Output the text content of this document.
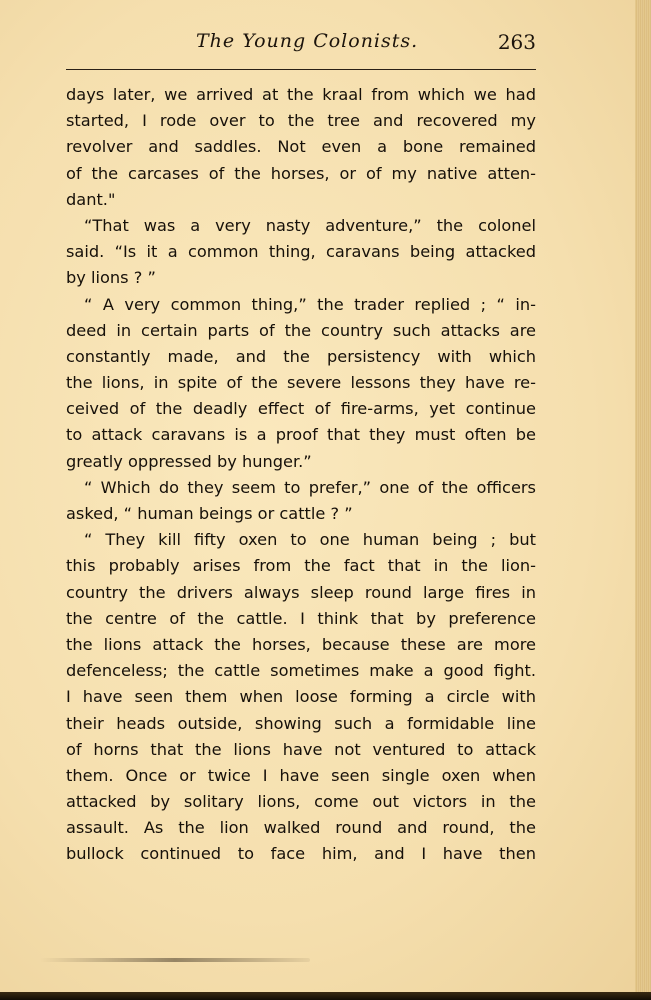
The Young Colonists.	263
days later, we arrived at the kraal from which we had
started, I rode over to the tree and recovered my
revolver and saddles. Not even a bone remained
of the carcases of the horses, or of my native atten-
dant."
“That was a very nasty adventure,” the colonel
said. “Is it a common thing, caravans being attacked
by lions ? ”
“ A very common thing,” the trader replied ; “ in-
deed in certain parts of the country such attacks are
constantly made, and the persistency with which
the lions, in spite of the severe lessons they have re-
ceived of the deadly effect of fire-arms, yet continue
to attack caravans is a proof that they must often be
greatly oppressed by hunger.”
“ Which do they seem to prefer,” one of the officers
asked, “ human beings or cattle ? ”
“ They kill fifty oxen to one human being ; but
this probably arises from the fact that in the lion-
country the drivers always sleep round large fires in
the centre of the cattle. I think that by preference
the lions attack the horses, because these are more
defenceless; the cattle sometimes make a good fight.
I have seen them when loose forming a circle with
their heads outside, showing such a formidable line
of horns that the lions have not ventured to attack
them. Once or twice I have seen single oxen when
attacked by solitary lions, come out victors in the
assault. As the lion walked round and round, the
bullock continued to face him, and I have then
